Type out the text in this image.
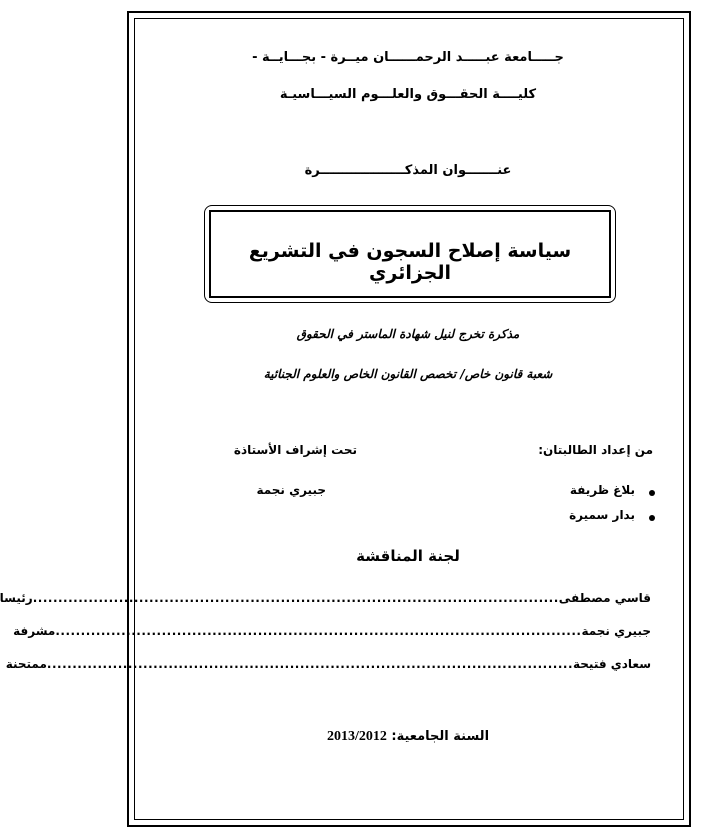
جـــــامعة عبـــــد الرحمــــــان ميــرة - بجـــايــة -
كليــــة الحقـــوق والعلـــوم السيـــاسيـة
عنـــــــوان المذكـــــــــــــــــــرة
سياسة إصلاح السجون في التشريع الجزائري
مذكرة تخرج لنيل شهادة الماستر في الحقوق
شعبة قانون خاص/ تخصص القانون الخاص والعلوم الجنائية
من إعداد الطالبتان:
تحت إشراف الأستاذة
بلاغ ظريفة
بدار سميرة
جبيري نجمة
لجنة المناقشة
قاسي مصطفى
........................................................................................................
رئيسا
جبيري نجمة
........................................................................................................
مشرفة
سعادي فتيحة
........................................................................................................
ممتحنة
السنة الجامعية: 2013/2012
